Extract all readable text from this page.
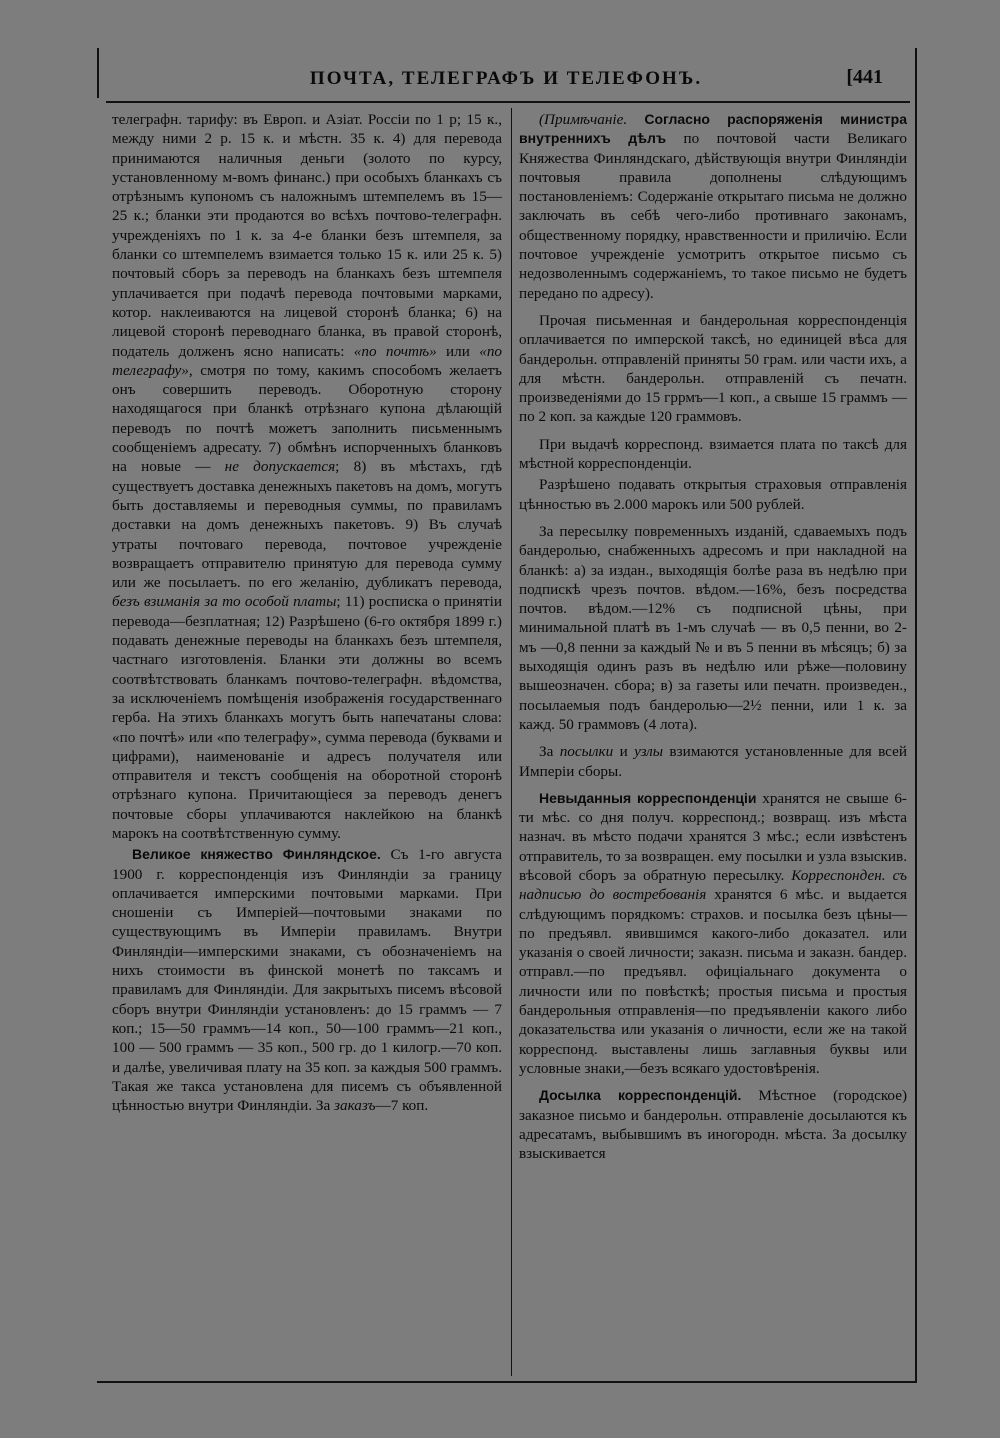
ПОЧТА, ТЕЛЕГРАФЪ И ТЕЛЕФОНЪ.	[441

телеграфн. тарифу: въ Европ. и Азіат. Россіи по 1 р; 15 к., между ними 2 р. 15 к. и мѣстн. 35 к. 4) для перевода принимаются наличныя деньги (золото по курсу, установленному м-вомъ финанс.) при особыхъ бланкахъ съ отрѣзнымъ купономъ съ наложнымъ штемпелемъ въ 15—25 к.; бланки эти продаются во всѣхъ почтово-телеграфн. учрежденіяхъ по 1 к. за 4-е бланки безъ штемпеля, за бланки со штемпелемъ взимается только 15 к. или 25 к. 5) почтовый сборъ за переводъ на бланкахъ безъ штемпеля уплачивается при подачѣ перевода почтовыми марками, котор. наклеиваются на лицевой сторонѣ бланка; 6) на лицевой сторонѣ переводнаго бланка, въ правой сторонѣ, податель долженъ ясно написать: «по почтѣ» или «по телеграфу», смотря по тому, какимъ способомъ желаетъ онъ совершить переводъ. Оборотную сторону находящагося при бланкѣ отрѣзнаго купона дѣлающій переводъ по почтѣ можетъ заполнить письменнымъ сообщеніемъ адресату. 7) обмѣнъ испорченныхъ бланковъ на новые — не допускается; 8) въ мѣстахъ, гдѣ существуетъ доставка денежныхъ пакетовъ на домъ, могутъ быть доставляемы и переводныя суммы, по правиламъ доставки на домъ денежныхъ пакетовъ. 9) Въ случаѣ утраты почтоваго перевода, почтовое учрежденіе возвращаетъ отправителю принятую для перевода сумму или же посылаетъ. по его желанію, дубликатъ перевода, безъ взиманія за то особой платы; 11) росписка о принятіи перевода—безплатная; 12) Разрѣшено (6-го октября 1899 г.) подавать денежные переводы на бланкахъ безъ штемпеля, частнаго изготовленія. Бланки эти должны во всемъ соотвѣтствовать бланкамъ почтово-телеграфн. вѣдомства, за исключеніемъ помѣщенія изображенія государственнаго герба. На этихъ бланкахъ могутъ быть напечатаны слова: «по почтѣ» или «по телеграфу», сумма перевода (буквами и цифрами), наименованіе и адресъ получателя или отправителя и текстъ сообщенія на оборотной сторонѣ отрѣзнаго купона. Причитающіеся за переводъ денегъ почтовые сборы уплачиваются наклейкою на бланкѣ марокъ на соотвѣтственную сумму.

Великое княжество Финляндское. Съ 1-го августа 1900 г. корреспонденція изъ Финляндіи за границу оплачивается имперскими почтовыми марками. При сношеніи съ Имперіей—почтовыми знаками по существующимъ въ Имперіи правиламъ. Внутри Финляндіи—имперскими знаками, съ обозначеніемъ на нихъ стоимости въ финской монетѣ по таксамъ и правиламъ для Финляндіи. Для закрытыхъ писемъ вѣсовой сборъ внутри Финляндіи установленъ: до 15 граммъ — 7 коп.; 15—50 граммъ—14 коп., 50—100 граммъ—21 коп., 100 — 500 граммъ — 35 коп., 500 гр. до 1 килогр.—70 коп. и далѣе, увеличивая плату на 35 коп. за каждыя 500 граммъ. Такая же такса установлена для писемъ съ объявленной цѣнностью внутри Финляндіи. За заказъ—7 коп.

(Примѣчаніе. Согласно распоряженія министра внутреннихъ дѣлъ по почтовой части Великаго Княжества Финляндскаго, дѣйствующія внутри Финляндіи почтовыя правила дополнены слѣдующимъ постановленіемъ: Содержаніе открытаго письма не должно заключать въ себѣ чего-либо противнаго законамъ, общественному порядку, нравственности и приличію. Если почтовое учрежденіе усмотритъ открытое письмо съ недозволеннымъ содержаніемъ, то такое письмо не будетъ передано по адресу).

Прочая письменная и бандерольная корреспонденція оплачивается по имперской таксѣ, но единицей вѣса для бандерольн. отправленій приняты 50 грам. или части ихъ, а для мѣстн. бандерольн. отправленій съ печатн. произведеніями до 15 гррмъ—1 коп., а свыше 15 граммъ — по 2 коп. за каждые 120 граммовъ.

При выдачѣ корреспонд. взимается плата по таксѣ для мѣстной корреспонденціи.

Разрѣшено подавать открытыя страховыя отправленія цѣнностью въ 2.000 марокъ или 500 рублей.

За пересылку повременныхъ изданій, сдаваемыхъ подъ бандеролью, снабженныхъ адресомъ и при накладной на бланкѣ: а) за издан., выходящія болѣе раза въ недѣлю при подпискѣ чрезъ почтов. вѣдом.—16%, безъ посредства почтов. вѣдом.—12% съ подписной цѣны, при минимальной платѣ въ 1-мъ случаѣ — въ 0,5 пенни, во 2-мъ —0,8 пенни за каждый № и въ 5 пенни въ мѣсяцъ; б) за выходящія одинъ разъ въ недѣлю или рѣже—половину вышеозначен. сбора; в) за газеты или печатн. произведен., посылаемыя подъ бандеролью—2½ пенни, или 1 к. за кажд. 50 граммовъ (4 лота).

За посылки и узлы взимаются установленные для всей Имперіи сборы.

Невыданныя корреспонденціи хранятся не свыше 6-ти мѣс. со дня получ. корреспонд.; возвращ. изъ мѣста назнач. въ мѣсто подачи хранятся 3 мѣс.; если извѣстенъ отправитель, то за возвращен. ему посылки и узла взыскив. вѣсовой сборъ за обратную пересылку. Корреспонден. съ надписью до востребованія хранятся 6 мѣс. и выдается слѣдующимъ порядкомъ: страхов. и посылка безъ цѣны—по предъявл. явившимся какого-либо доказател. или указанія о своей личности; заказн. письма и заказн. бандер. отправл.—по предъявл. офиціальнаго документа о личности или по повѣсткѣ; простыя письма и простыя бандерольныя отправленія—по предъявленіи какого либо доказательства или указанія о личности, если же на такой корреспонд. выставлены лишь заглавныя буквы или условные знаки,—безъ всякаго удостовѣренія.

Досылка корреспонденцій. Мѣстное (городское) заказное письмо и бандерольн. отправленіе досылаются къ адресатамъ, выбывшимъ въ иногородн. мѣста. За досылку взыскивается
